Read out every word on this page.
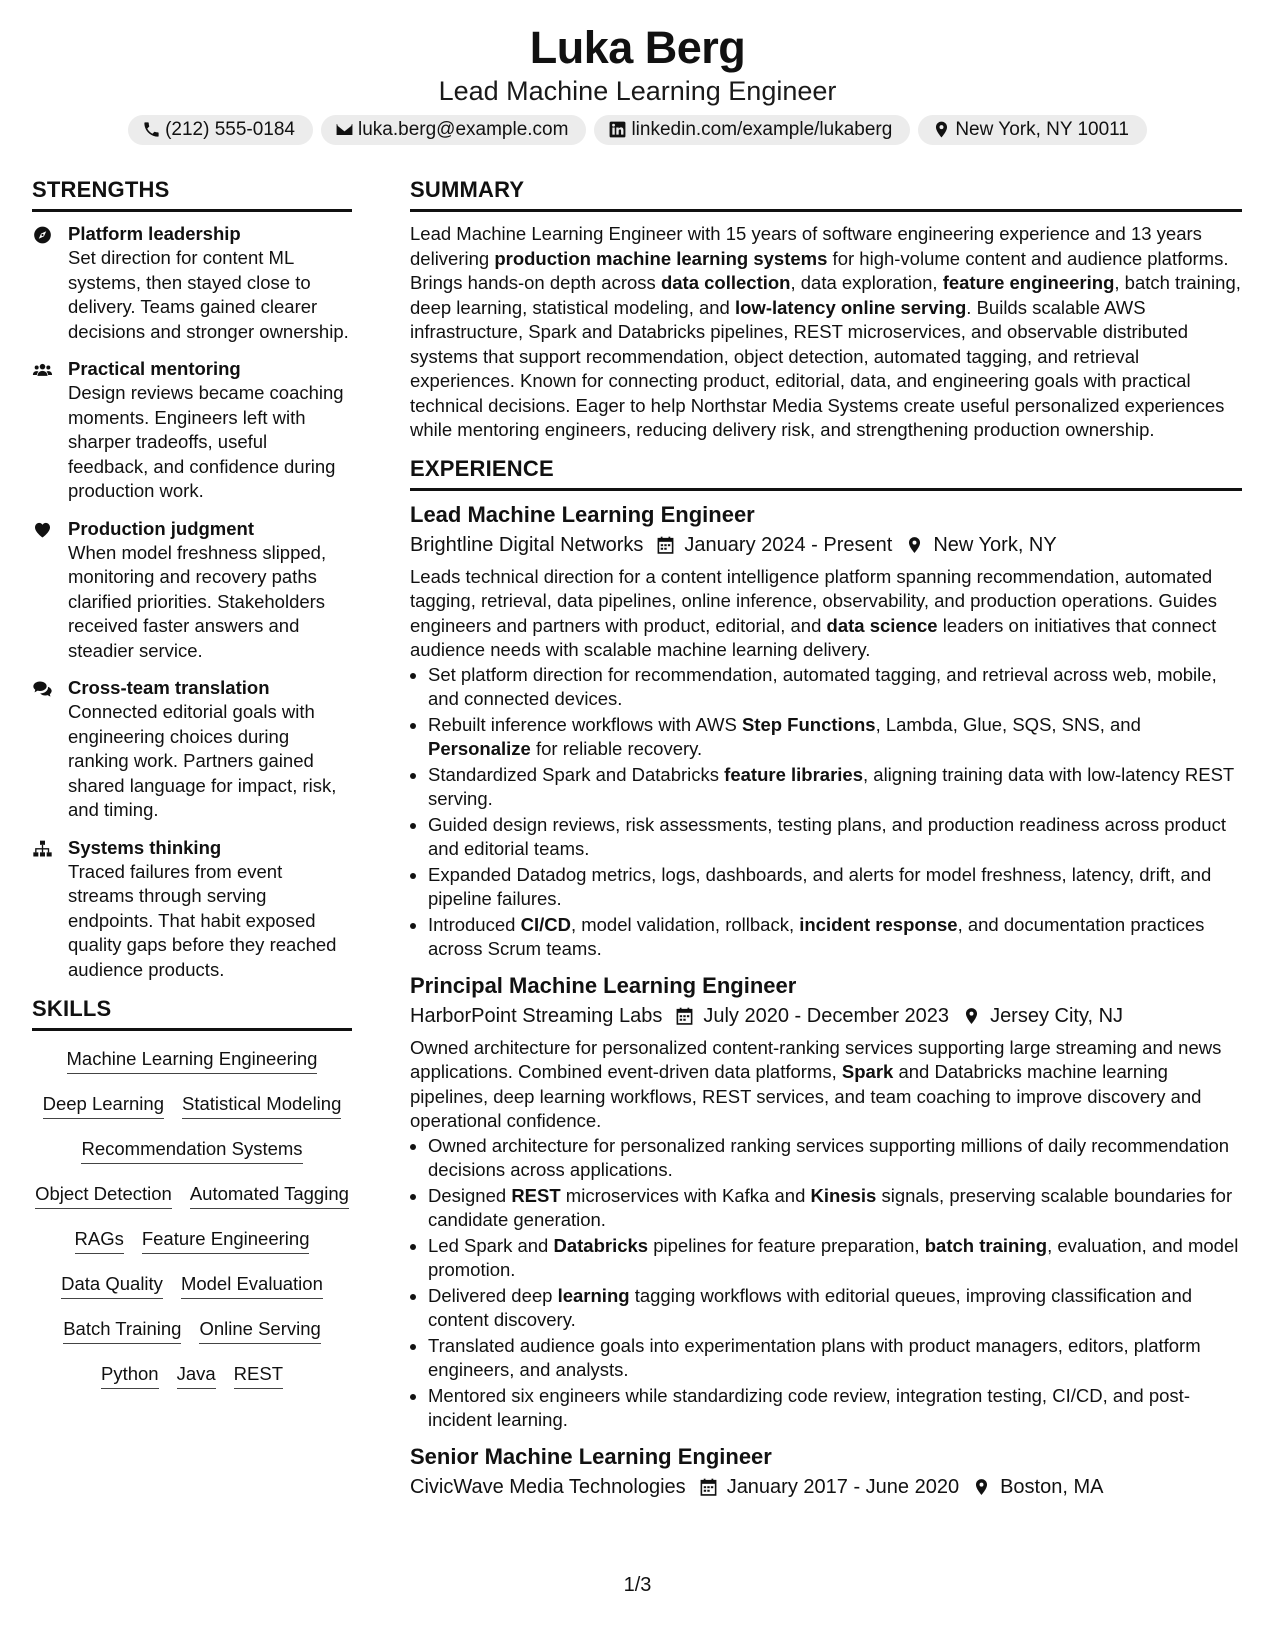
Luka Berg
Lead Machine Learning Engineer
(212) 555-0184	luka.berg@example.com	linkedin.com/example/lukaberg	New York, NY 10011
STRENGTHS
Platform leadership
Set direction for content ML systems, then stayed close to delivery. Teams gained clearer decisions and stronger ownership.
Practical mentoring
Design reviews became coaching moments. Engineers left with sharper tradeoffs, useful feedback, and confidence during production work.
Production judgment
When model freshness slipped, monitoring and recovery paths clarified priorities. Stakeholders received faster answers and steadier service.
Cross-team translation
Connected editorial goals with engineering choices during ranking work. Partners gained shared language for impact, risk, and timing.
Systems thinking
Traced failures from event streams through serving endpoints. That habit exposed quality gaps before they reached audience products.
SKILLS
Machine Learning Engineering
Deep Learning Statistical Modeling
Recommendation Systems
Object Detection Automated Tagging
RAGs Feature Engineering
Data Quality Model Evaluation
Batch Training Online Serving
Python Java REST
SUMMARY

Lead Machine Learning Engineer with 15 years of software engineering experience and 13 years delivering production machine learning systems for high-volume content and audience platforms. Brings hands-on depth across data collection, data exploration, feature engineering, batch training, deep learning, statistical modeling, and low-latency online serving. Builds scalable AWS infrastructure, Spark and Databricks pipelines, REST microservices, and observable distributed systems that support recommendation, object detection, automated tagging, and retrieval experiences. Known for connecting product, editorial, data, and engineering goals with practical technical decisions. Eager to help Northstar Media Systems create useful personalized experiences while mentoring engineers, reducing delivery risk, and strengthening production ownership.

EXPERIENCE
Lead Machine Learning Engineer
Brightline Digital Networks January 2024 - Present New York, NY
Leads technical direction for a content intelligence platform spanning recommendation, automated tagging, retrieval, data pipelines, online inference, observability, and production operations. Guides engineers and partners with product, editorial, and data science leaders on initiatives that connect audience needs with scalable machine learning delivery.
• Set platform direction for recommendation, automated tagging, and retrieval across web, mobile, and connected devices.
• Rebuilt inference workflows with AWS Step Functions, Lambda, Glue, SQS, SNS, and Personalize for reliable recovery.
• Standardized Spark and Databricks feature libraries, aligning training data with low-latency REST serving.
• Guided design reviews, risk assessments, testing plans, and production readiness across product and editorial teams.
• Expanded Datadog metrics, logs, dashboards, and alerts for model freshness, latency, drift, and pipeline failures.
• Introduced CI/CD, model validation, rollback, incident response, and documentation practices across Scrum teams.
Principal Machine Learning Engineer
HarborPoint Streaming Labs July 2020 - December 2023 Jersey City, NJ
Owned architecture for personalized content-ranking services supporting large streaming and news applications. Combined event-driven data platforms, Spark and Databricks machine learning pipelines, deep learning workflows, REST services, and team coaching to improve discovery and operational confidence.
• Owned architecture for personalized ranking services supporting millions of daily recommendation decisions across applications.
• Designed REST microservices with Kafka and Kinesis signals, preserving scalable boundaries for candidate generation.
• Led Spark and Databricks pipelines for feature preparation, batch training, evaluation, and model promotion.
• Delivered deep learning tagging workflows with editorial queues, improving classification and content discovery.
• Translated audience goals into experimentation plans with product managers, editors, platform engineers, and analysts.
• Mentored six engineers while standardizing code review, integration testing, CI/CD, and post-incident learning.
Senior Machine Learning Engineer
CivicWave Media Technologies January 2017 - June 2020 Boston, MA
1/3
